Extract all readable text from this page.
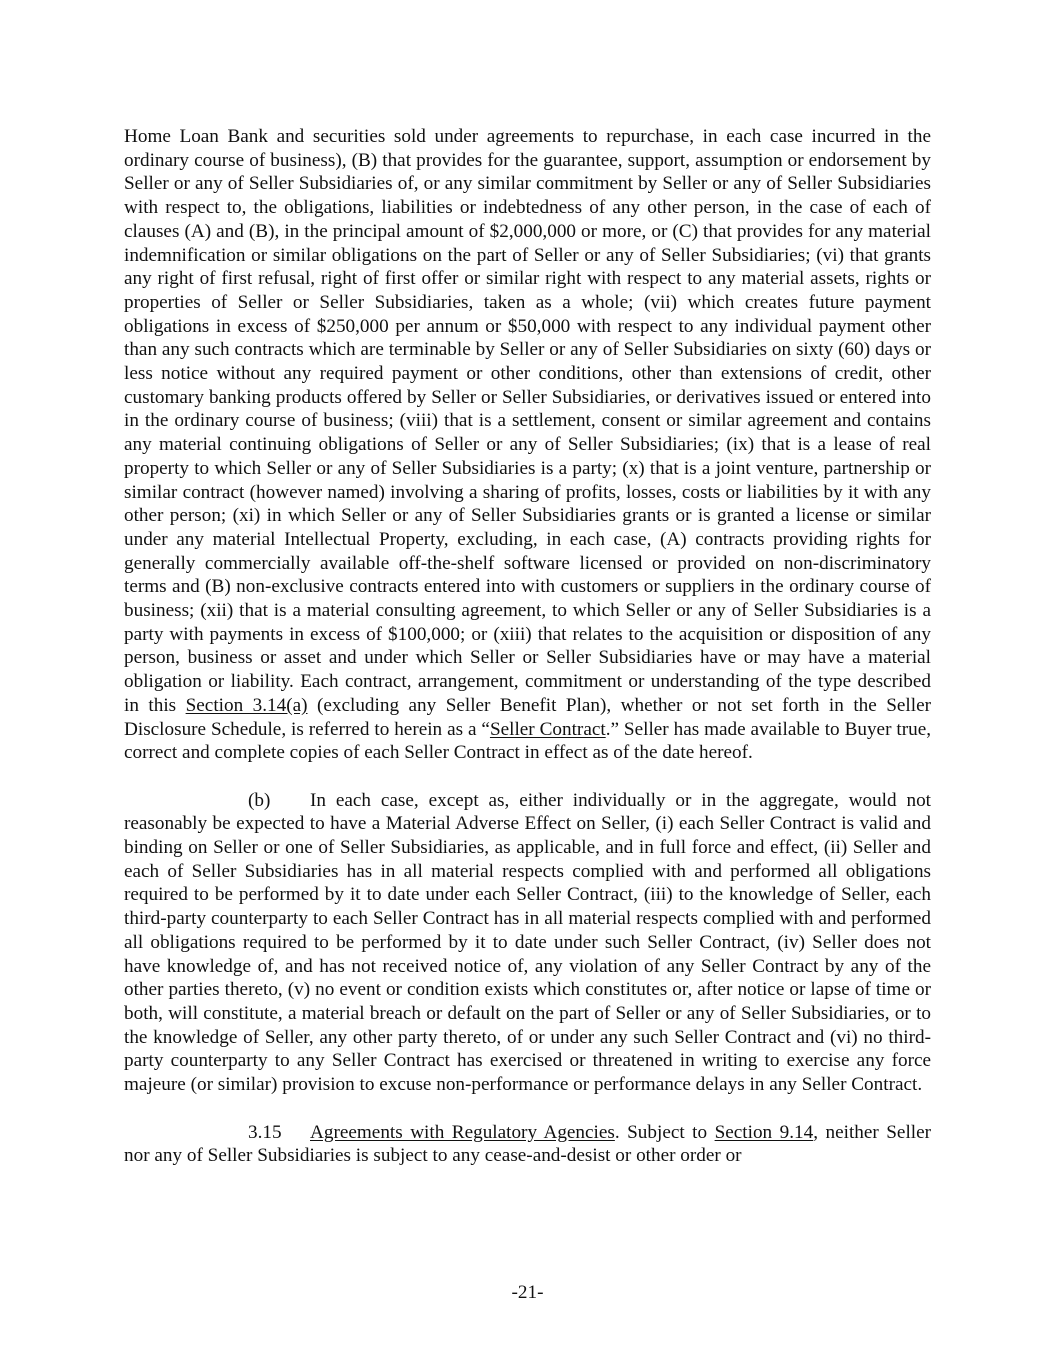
Home Loan Bank and securities sold under agreements to repurchase, in each case incurred in the ordinary course of business), (B) that provides for the guarantee, support, assumption or endorsement by Seller or any of Seller Subsidiaries of, or any similar commitment by Seller or any of Seller Subsidiaries with respect to, the obligations, liabilities or indebtedness of any other person, in the case of each of clauses (A) and (B), in the principal amount of $2,000,000 or more, or (C) that provides for any material indemnification or similar obligations on the part of Seller or any of Seller Subsidiaries; (vi) that grants any right of first refusal, right of first offer or similar right with respect to any material assets, rights or properties of Seller or Seller Subsidiaries, taken as a whole; (vii) which creates future payment obligations in excess of $250,000 per annum or $50,000 with respect to any individual payment other than any such contracts which are terminable by Seller or any of Seller Subsidiaries on sixty (60) days or less notice without any required payment or other conditions, other than extensions of credit, other customary banking products offered by Seller or Seller Subsidiaries, or derivatives issued or entered into in the ordinary course of business; (viii) that is a settlement, consent or similar agreement and contains any material continuing obligations of Seller or any of Seller Subsidiaries; (ix) that is a lease of real property to which Seller or any of Seller Subsidiaries is a party; (x) that is a joint venture, partnership or similar contract (however named) involving a sharing of profits, losses, costs or liabilities by it with any other person; (xi) in which Seller or any of Seller Subsidiaries grants or is granted a license or similar under any material Intellectual Property, excluding, in each case, (A) contracts providing rights for generally commercially available off-the-shelf software licensed or provided on non-discriminatory terms and (B) non-exclusive contracts entered into with customers or suppliers in the ordinary course of business; (xii) that is a material consulting agreement, to which Seller or any of Seller Subsidiaries is a party with payments in excess of $100,000; or (xiii) that relates to the acquisition or disposition of any person, business or asset and under which Seller or Seller Subsidiaries have or may have a material obligation or liability. Each contract, arrangement, commitment or understanding of the type described in this Section 3.14(a) (excluding any Seller Benefit Plan), whether or not set forth in the Seller Disclosure Schedule, is referred to herein as a “Seller Contract.” Seller has made available to Buyer true, correct and complete copies of each Seller Contract in effect as of the date hereof.

(b) In each case, except as, either individually or in the aggregate, would not reasonably be expected to have a Material Adverse Effect on Seller, (i) each Seller Contract is valid and binding on Seller or one of Seller Subsidiaries, as applicable, and in full force and effect, (ii) Seller and each of Seller Subsidiaries has in all material respects complied with and performed all obligations required to be performed by it to date under each Seller Contract, (iii) to the knowledge of Seller, each third-party counterparty to each Seller Contract has in all material respects complied with and performed all obligations required to be performed by it to date under such Seller Contract, (iv) Seller does not have knowledge of, and has not received notice of, any violation of any Seller Contract by any of the other parties thereto, (v) no event or condition exists which constitutes or, after notice or lapse of time or both, will constitute, a material breach or default on the part of Seller or any of Seller Subsidiaries, or to the knowledge of Seller, any other party thereto, of or under any such Seller Contract and (vi) no third-party counterparty to any Seller Contract has exercised or threatened in writing to exercise any force majeure (or similar) provision to excuse non-performance or performance delays in any Seller Contract.

3.15 Agreements with Regulatory Agencies. Subject to Section 9.14, neither Seller nor any of Seller Subsidiaries is subject to any cease-and-desist or other order or

-21-
